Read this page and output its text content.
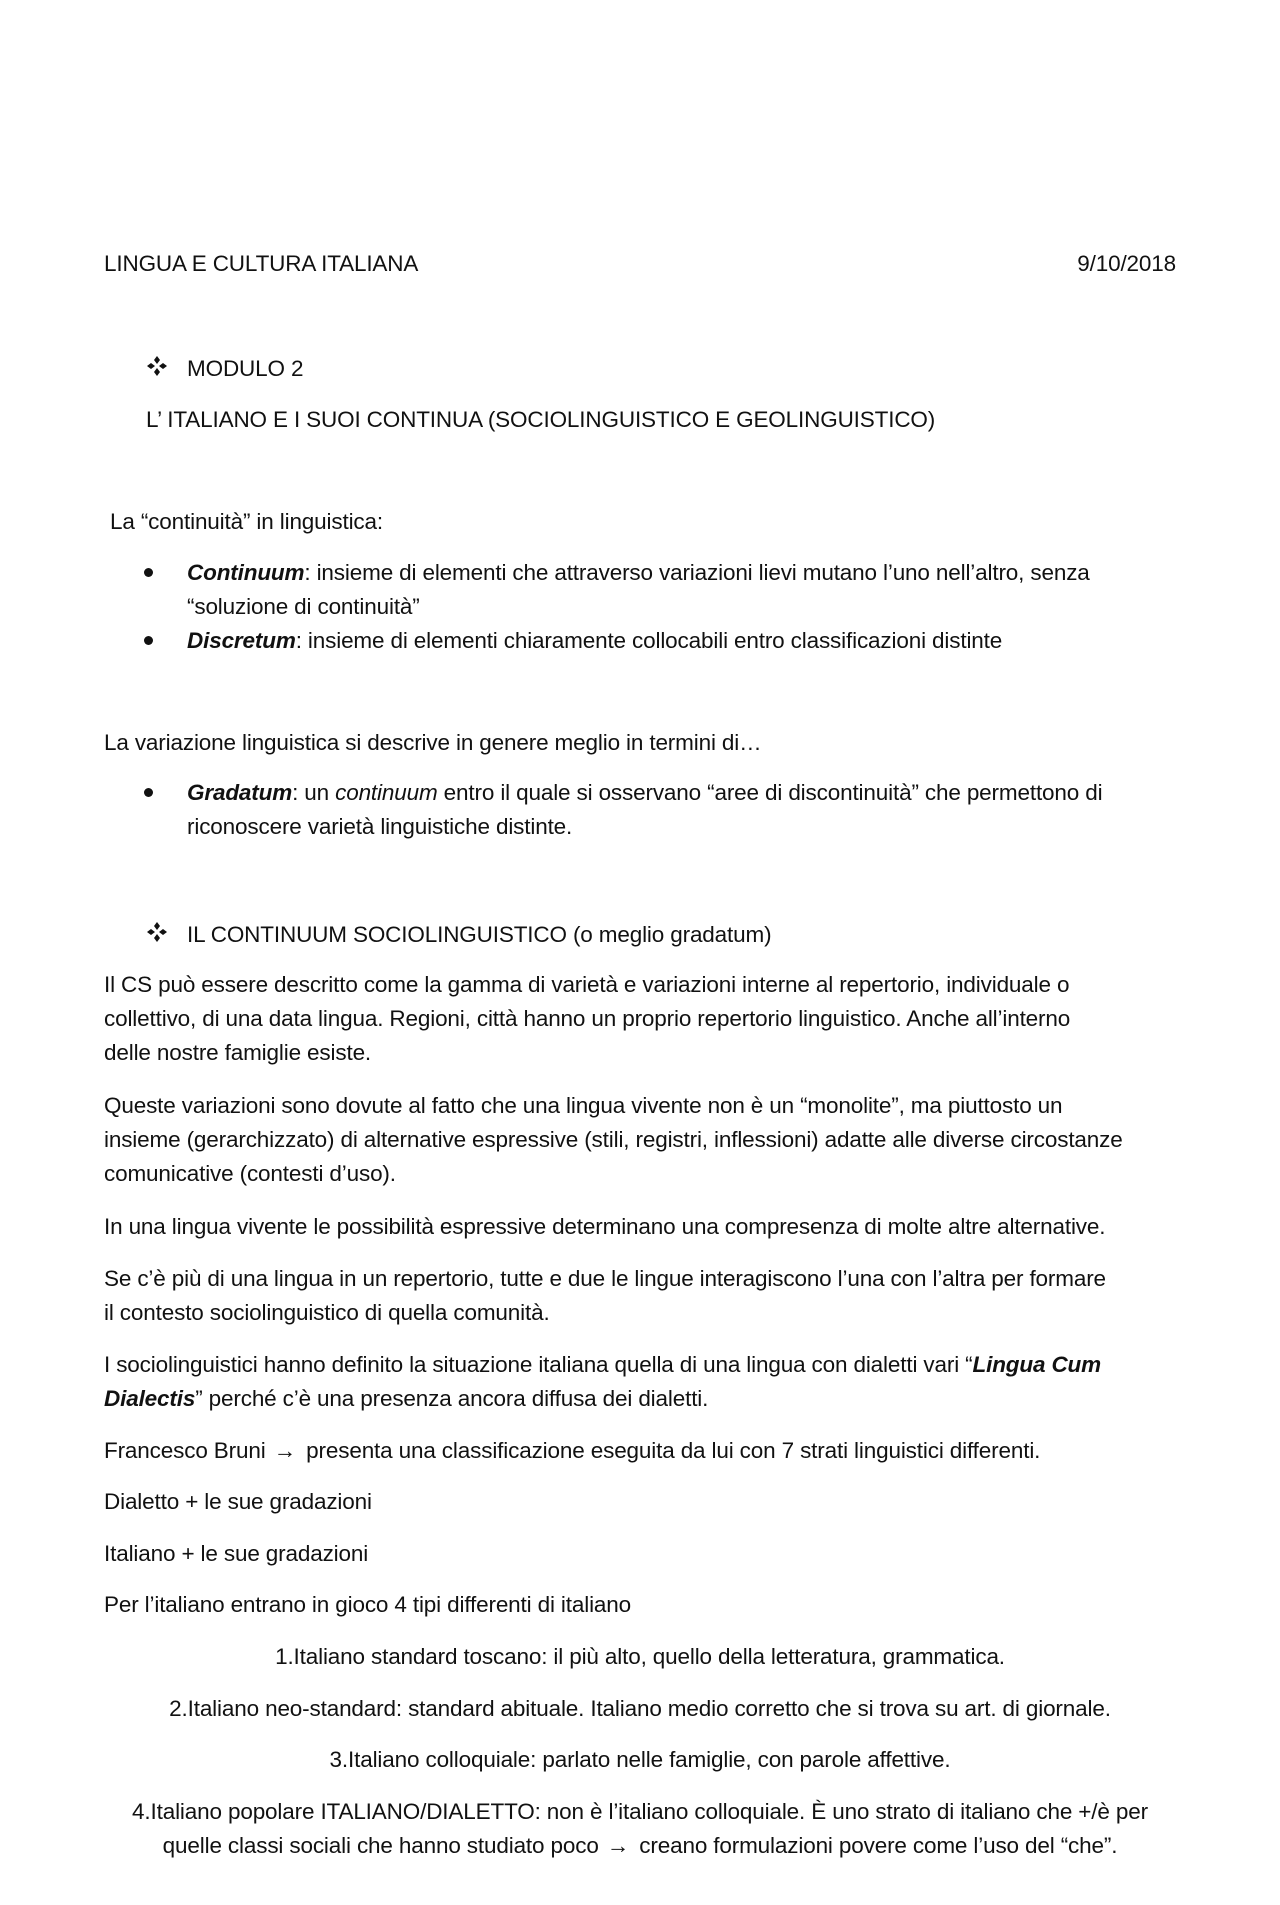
LINGUA E CULTURA ITALIANA	9/10/2018
MODULO 2
L’ ITALIANO E I SUOI CONTINUA (SOCIOLINGUISTICO E GEOLINGUISTICO)
La “continuità” in linguistica:
Continuum: insieme di elementi che attraverso variazioni lievi mutano l’uno nell’altro, senza
“soluzione di continuità”
Discretum: insieme di elementi chiaramente collocabili entro classificazioni distinte
La variazione linguistica si descrive in genere meglio in termini di…
Gradatum: un continuum entro il quale si osservano “aree di discontinuità” che permettono di
riconoscere varietà linguistiche distinte.
IL CONTINUUM SOCIOLINGUISTICO (o meglio gradatum)
Il CS può essere descritto come la gamma di varietà e variazioni interne al repertorio, individuale o
collettivo, di una data lingua. Regioni, città hanno un proprio repertorio linguistico. Anche all’interno
delle nostre famiglie esiste.
Queste variazioni sono dovute al fatto che una lingua vivente non è un “monolite”, ma piuttosto un
insieme (gerarchizzato) di alternative espressive (stili, registri, inflessioni) adatte alle diverse circostanze
comunicative (contesti d’uso).
In una lingua vivente le possibilità espressive determinano una compresenza di molte altre alternative.
Se c’è più di una lingua in un repertorio, tutte e due le lingue interagiscono l’una con l’altra per formare
il contesto sociolinguistico di quella comunità.
I sociolinguistici hanno definito la situazione italiana quella di una lingua con dialetti vari “Lingua Cum
Dialectis” perché c’è una presenza ancora diffusa dei dialetti.
Francesco Bruni → presenta una classificazione eseguita da lui con 7 strati linguistici differenti.
Dialetto + le sue gradazioni
Italiano + le sue gradazioni
Per l’italiano entrano in gioco 4 tipi differenti di italiano
1.Italiano standard toscano: il più alto, quello della letteratura, grammatica.
2.Italiano neo-standard: standard abituale. Italiano medio corretto che si trova su art. di giornale.
3.Italiano colloquiale: parlato nelle famiglie, con parole affettive.
4.Italiano popolare ITALIANO/DIALETTO: non è l’italiano colloquiale. È uno strato di italiano che +/è per
quelle classi sociali che hanno studiato poco → creano formulazioni povere come l’uso del “che”.
